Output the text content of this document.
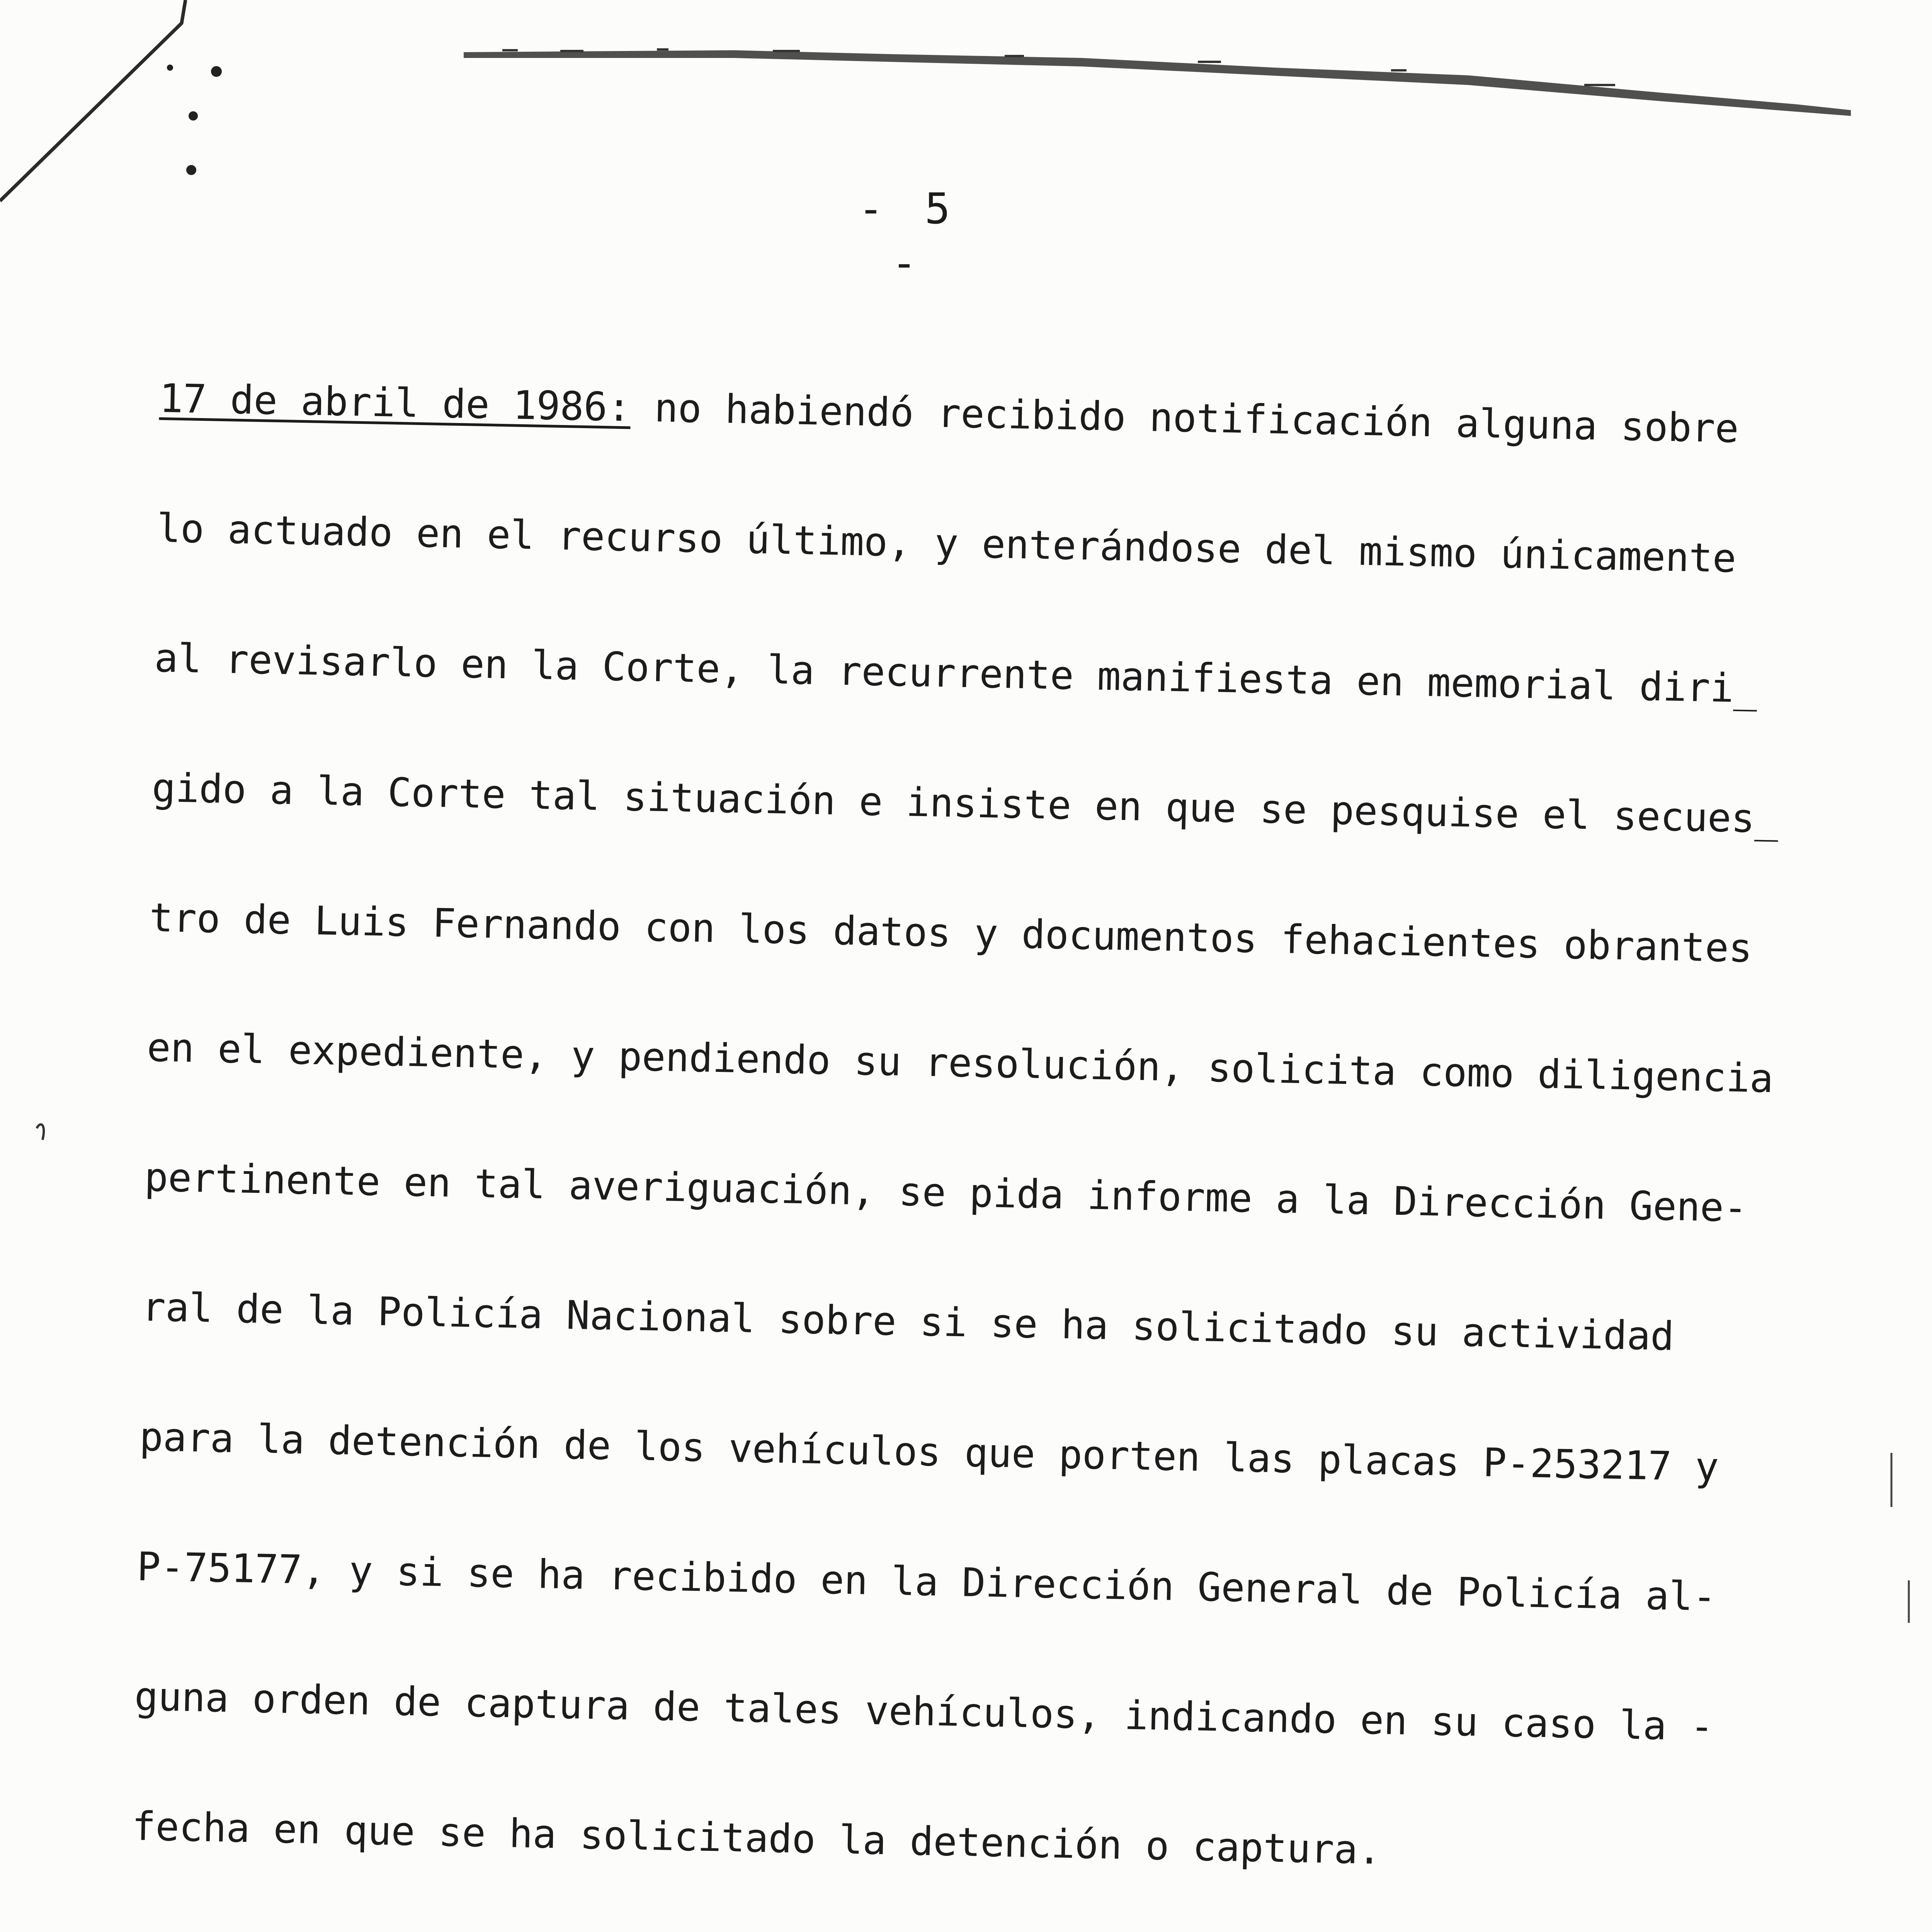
- 5 -

17 de abril de 1986: no habiendó recibido notificación alguna sobre

lo actuado en el recurso último, y enterándose del mismo únicamente

al revisarlo en la Corte, la recurrente manifiesta en memorial diri_

gido a la Corte tal situación e insiste en que se pesquise el secues_

tro de Luis Fernando con los datos y documentos fehacientes obrantes

en el expediente, y pendiendo su resolución, solicita como diligencia

pertinente en tal averiguación, se pida informe a la Dirección Gene-

ral de la Policía Nacional sobre si se ha solicitado su actividad

para la detención de los vehículos que porten las placas P-253217 y

P-75177, y si se ha recibido en la Dirección General de Policía al-

guna orden de captura de tales vehículos, indicando en su caso la -

fecha en que se ha solicitado la detención o captura.
